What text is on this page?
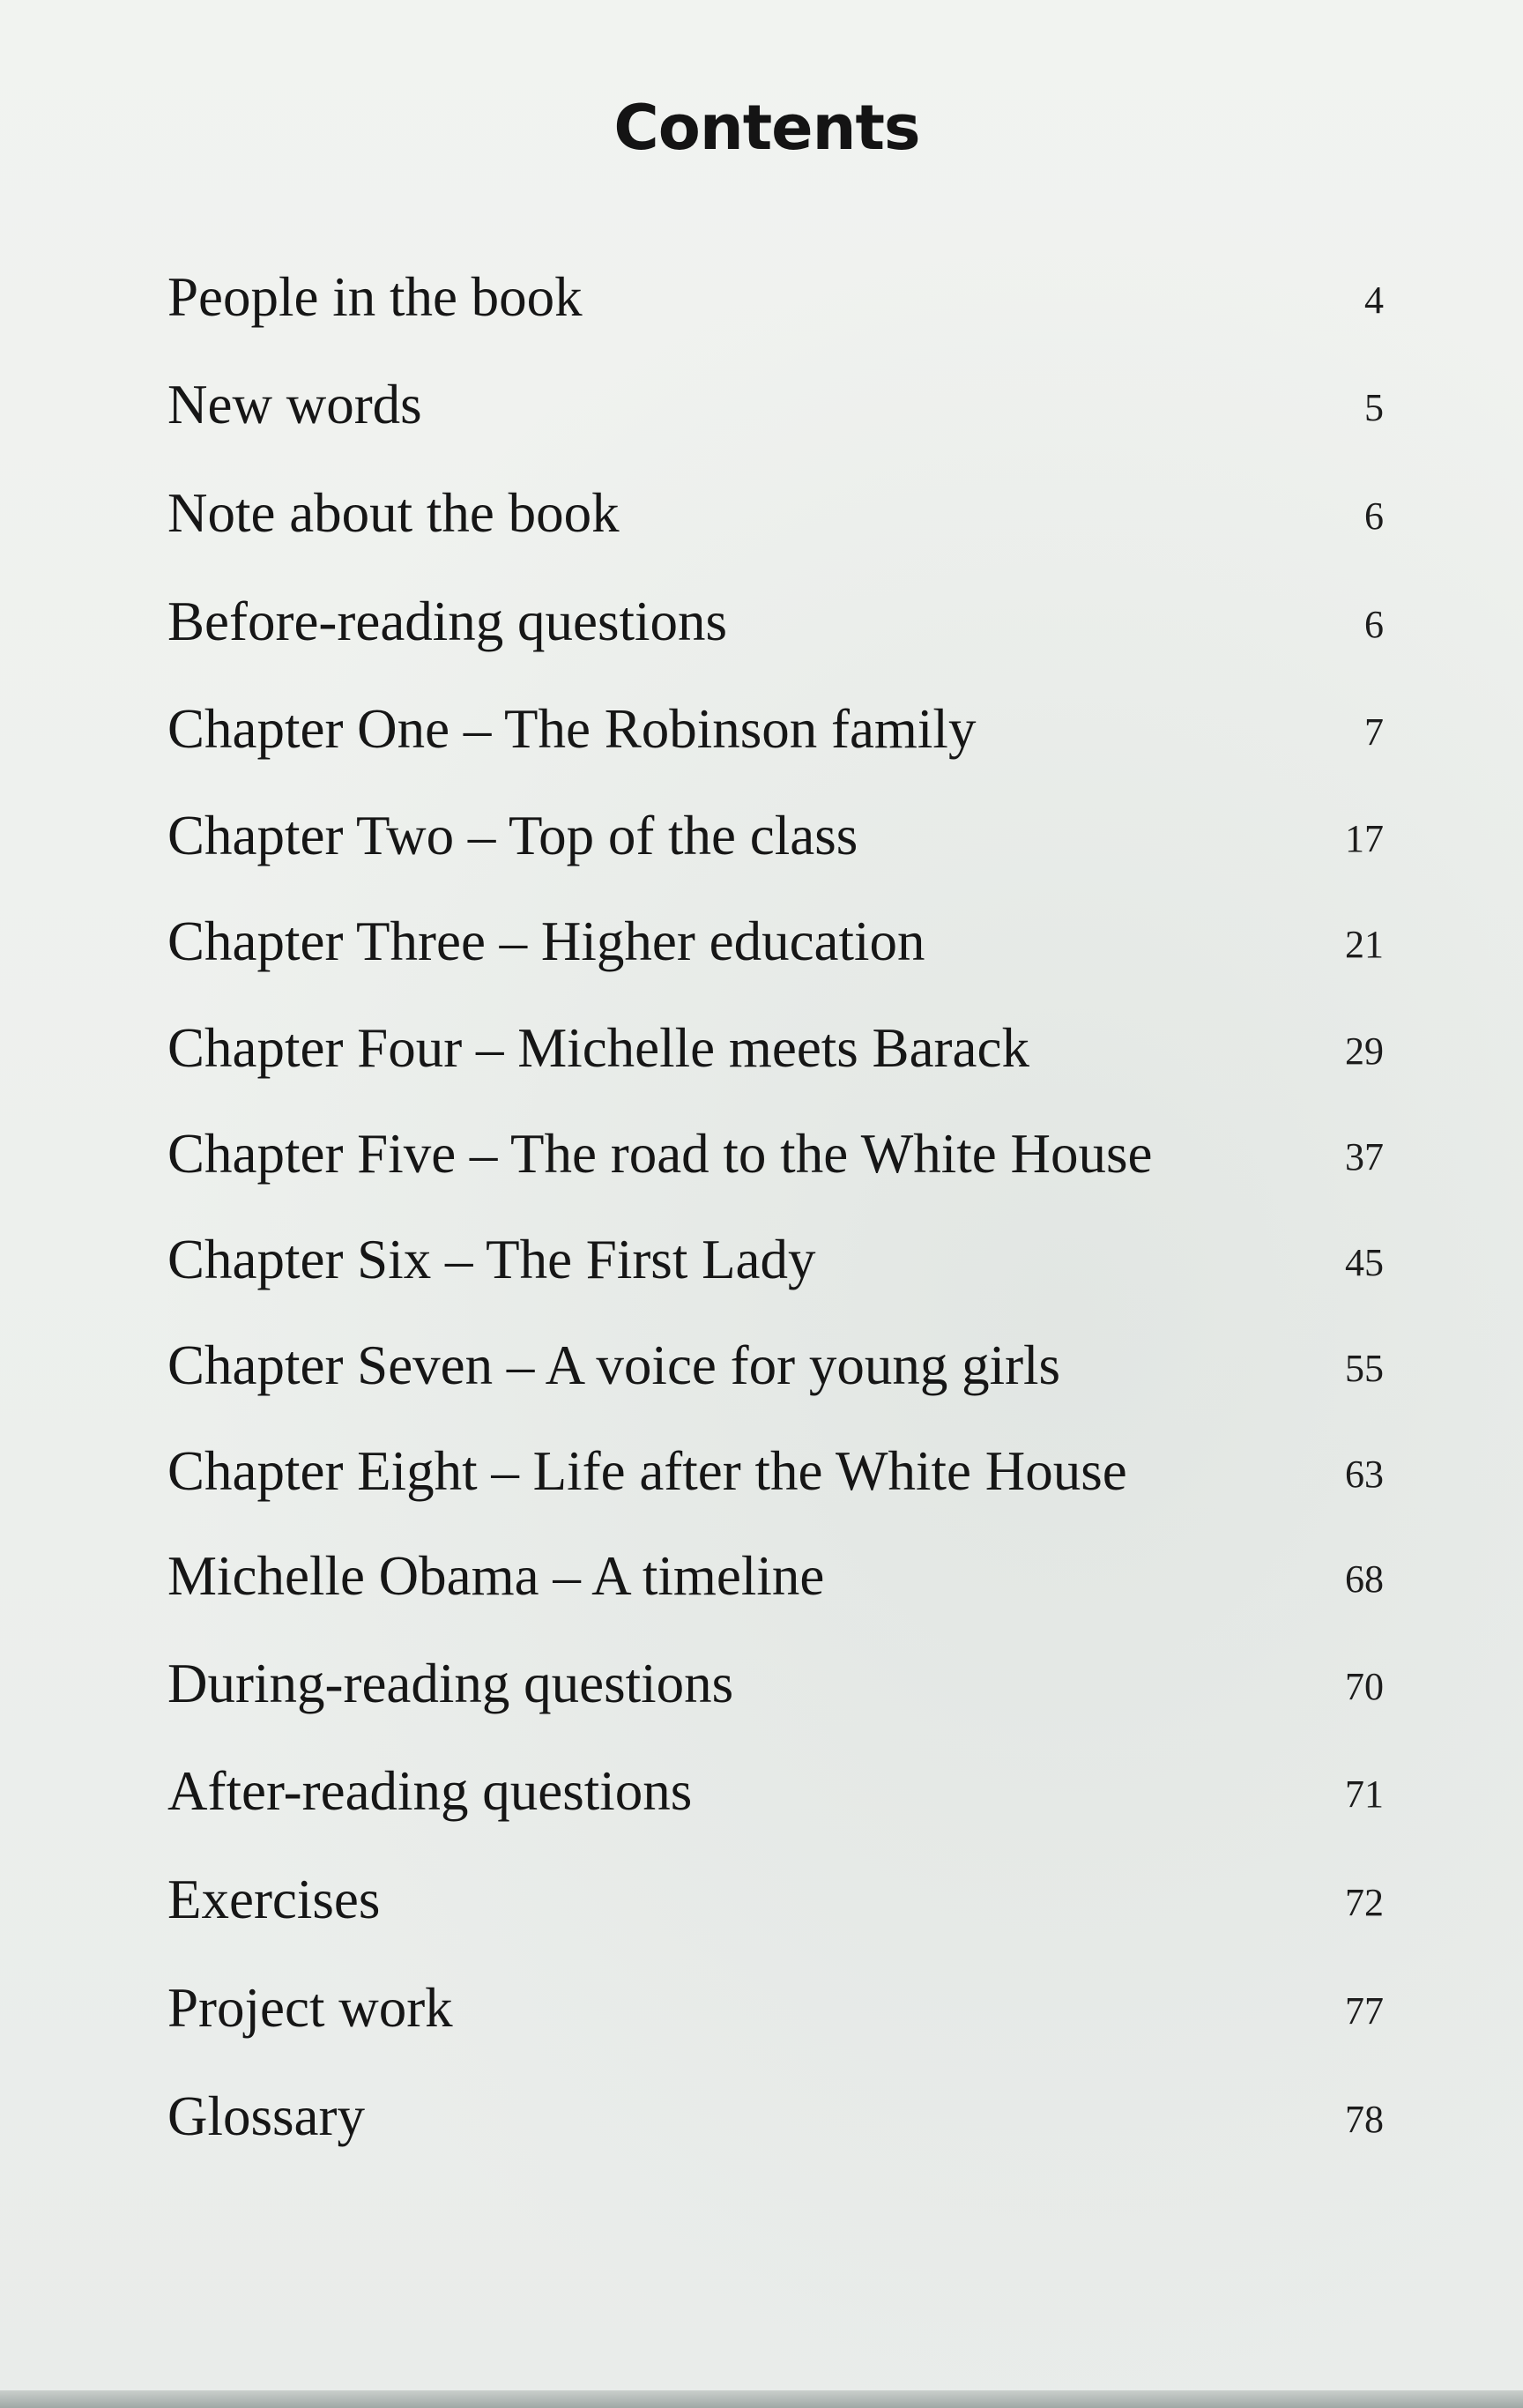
Contents
People in the book	4
New words	5
Note about the book	6
Before-reading questions	6
Chapter One – The Robinson family	7
Chapter Two – Top of the class	17
Chapter Three – Higher education	21
Chapter Four – Michelle meets Barack	29
Chapter Five – The road to the White House	37
Chapter Six – The First Lady	45
Chapter Seven – A voice for young girls	55
Chapter Eight – Life after the White House	63
Michelle Obama – A timeline	68
During-reading questions	70
After-reading questions	71
Exercises	72
Project work	77
Glossary	78
